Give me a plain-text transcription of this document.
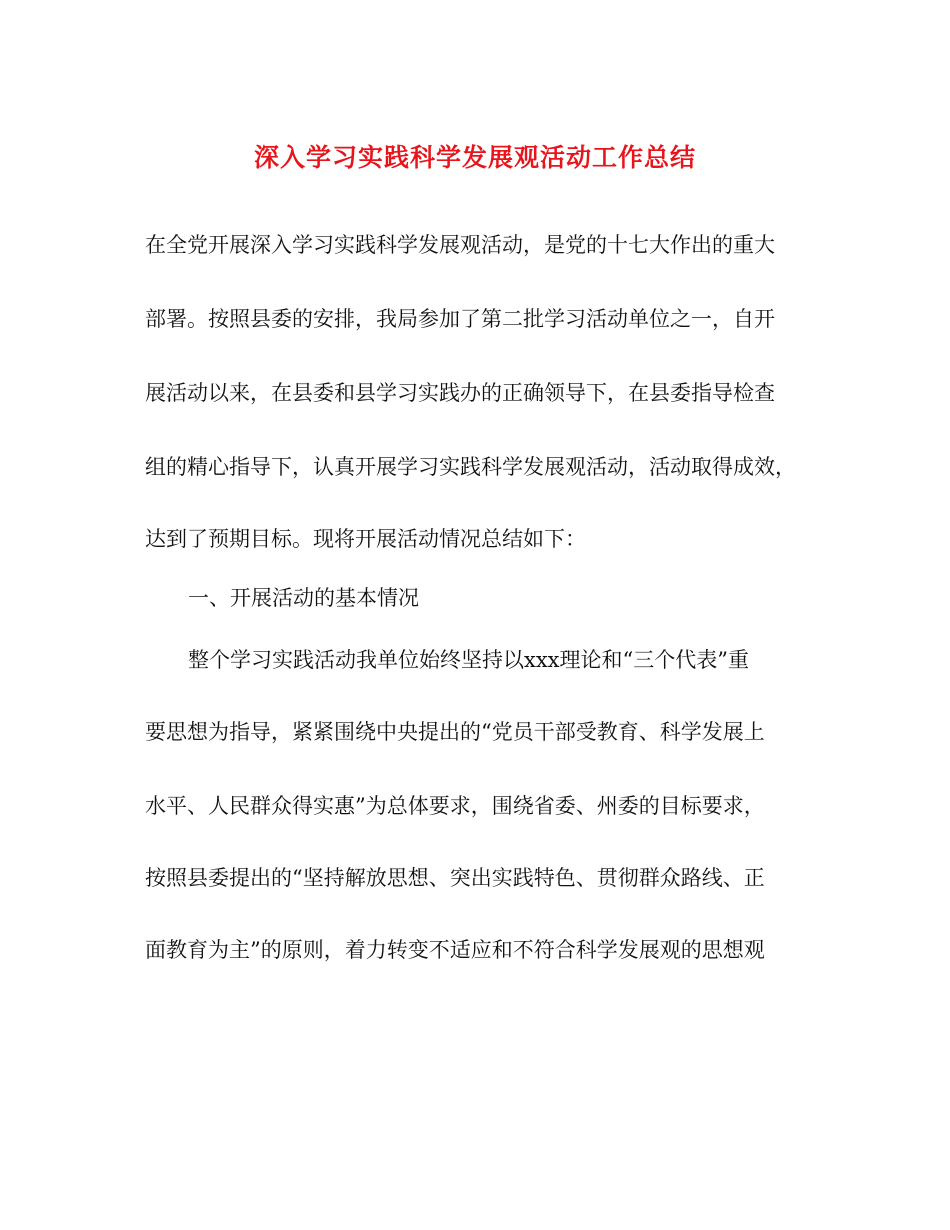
深入学习实践科学发展观活动工作总结
在全党开展深入学习实践科学发展观活动，是党的十七大作出的重大
部署。按照县委的安排，我局参加了第二批学习活动单位之一，自开
展活动以来，在县委和县学习实践办的正确领导下，在县委指导检查
组的精心指导下，认真开展学习实践科学发展观活动，活动取得成效，
达到了预期目标。现将开展活动情况总结如下：
一、开展活动的基本情况
整个学习实践活动我单位始终坚持以xxx理论和“三个代表”重
要思想为指导，紧紧围绕中央提出的“党员干部受教育、科学发展上
水平、人民群众得实惠”为总体要求，围绕省委、州委的目标要求，
按照县委提出的“坚持解放思想、突出实践特色、贯彻群众路线、正
面教育为主”的原则，着力转变不适应和不符合科学发展观的思想观
